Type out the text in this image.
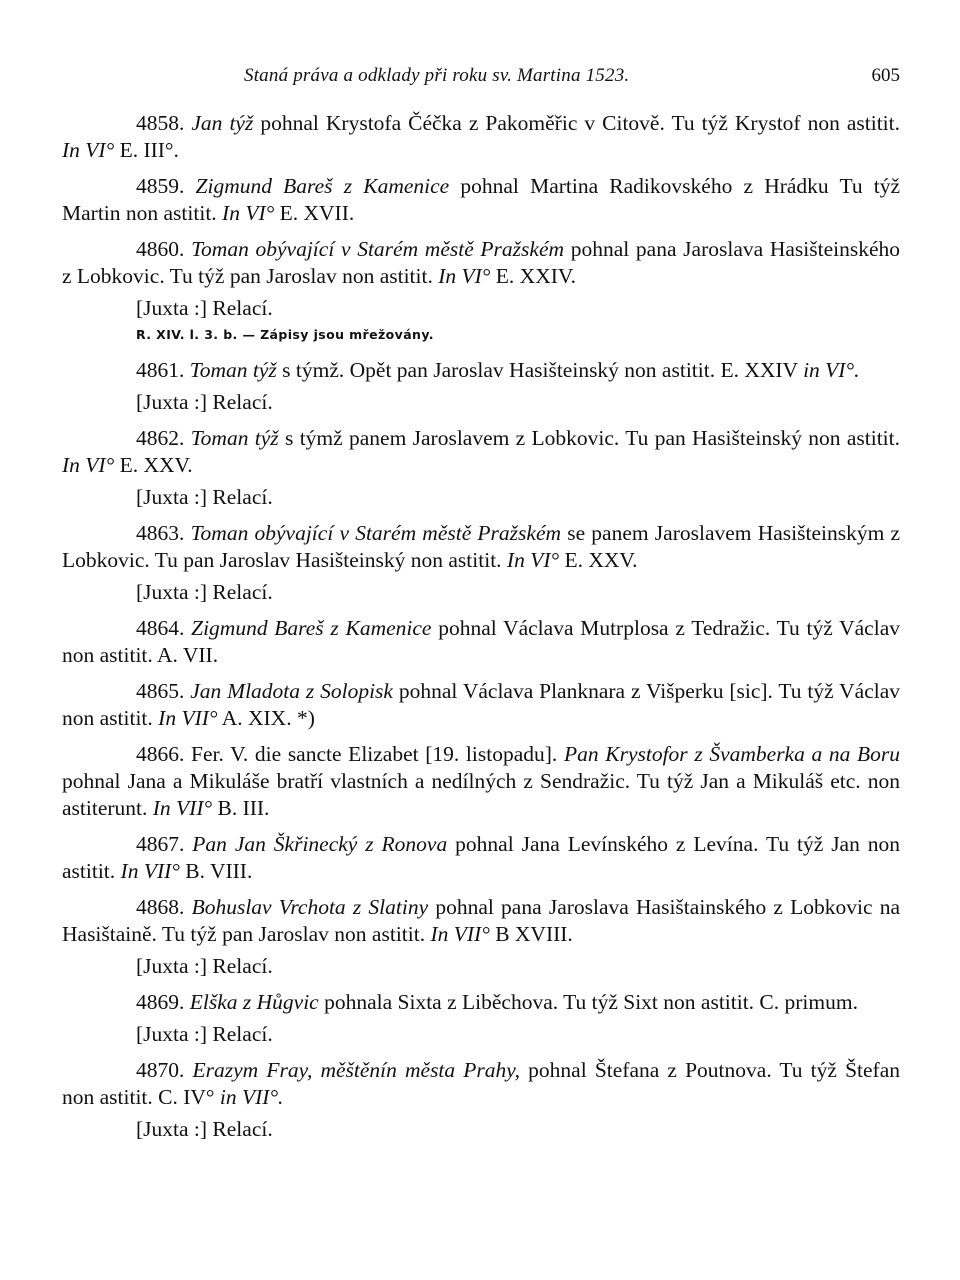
Staná práva a odklady při roku sv. Martina 1523.	605

4858. Jan týž pohnal Krystofa Čéčka z Pakoměřic v Citově. Tu týž Krystof non astitit. In VI° E. III°.

4859. Zigmund Bareš z Kamenice pohnal Martina Radikovského z Hrádku Tu týž Martin non astitit. In VI° E. XVII.

4860. Toman obývající v Starém městě Pražském pohnal pana Jaroslava Hasišteinského z Lobkovic. Tu týž pan Jaroslav non astitit. In VI° E. XXIV.

[Juxta :] Relací.
R. XIV. l. 3. b. — Zápisy jsou mřežovány.

4861. Toman týž s týmž. Opět pan Jaroslav Hasišteinský non astitit. E. XXIV in VI°.

[Juxta :] Relací.

4862. Toman týž s týmž panem Jaroslavem z Lobkovic. Tu pan Hasišteinský non astitit. In VI° E. XXV.

[Juxta :] Relací.

4863. Toman obývající v Starém městě Pražském se panem Jaroslavem Hasišteinským z Lobkovic. Tu pan Jaroslav Hasišteinský non astitit. In VI° E. XXV.

[Juxta :] Relací.

4864. Zigmund Bareš z Kamenice pohnal Václava Mutrplosa z Tedražic. Tu týž Václav non astitit. A. VII.

4865. Jan Mladota z Solopisk pohnal Václava Planknara z Višperku [sic]. Tu týž Václav non astitit. In VII° A. XIX. *)

4866. Fer. V. die sancte Elizabet [19. listopadu]. Pan Krystofor z Švamberka a na Boru pohnal Jana a Mikuláše bratří vlastních a nedílných z Sendražic. Tu týž Jan a Mikuláš etc. non astiterunt. In VII° B. III.

4867. Pan Jan Škřinecký z Ronova pohnal Jana Levínského z Levína. Tu týž Jan non astitit. In VII° B. VIII.

4868. Bohuslav Vrchota z Slatiny pohnal pana Jaroslava Hasištainského z Lobkovic na Hasištaině. Tu týž pan Jaroslav non astitit. In VII° B XVIII.

[Juxta :] Relací.

4869. Elška z Hůgvic pohnala Sixta z Liběchova. Tu týž Sixt non astitit. C. primum.

[Juxta :] Relací.

4870. Erazym Fray, měštěnín města Prahy, pohnal Štefana z Poutnova. Tu týž Štefan non astitit. C. IV° in VII°.

[Juxta :] Relací.
